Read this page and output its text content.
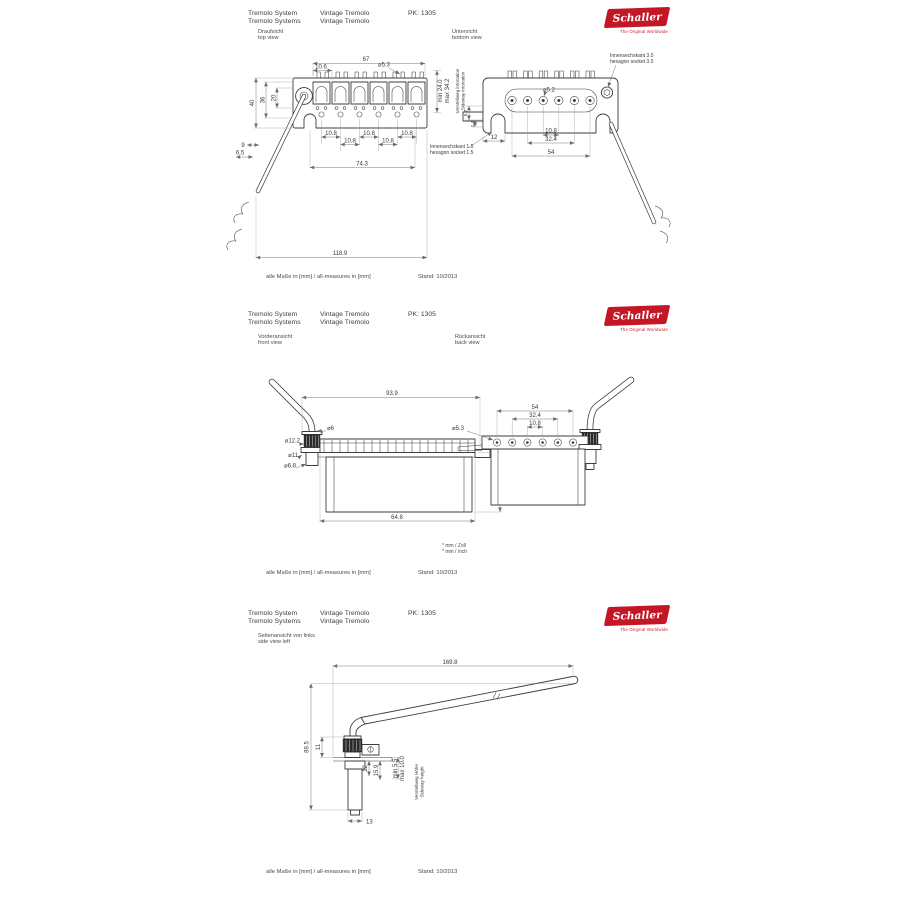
Tremolo System
Tremolo Systems
Vintage Tremolo
Vintage Tremolo
PK: 1305	Schaller
The Original Worldwide
Draufsicht
top view
Untersicht
bottom view
67
10.6	⌀5.3
40 36 20
10.8	10.8	10.8
10.8	10.8
9
6.5
74.3
118.9
min 24.0 max 34.2 Verstellweg intonation Sideway intonation	⌀5.2
12
10.8
32.4
54
5.7
2.4
Innensechskant 3.0
hexagon socket 3.0
Innensechskant 1.5
hexagon socket 1.5
alle Maße in [mm] / all-measures in [mm]	Stand: 10/2013
Tremolo System
Tremolo Systems
Vintage Tremolo
Vintage Tremolo
PK: 1305	Schaller
The Original Worldwide
Vorderansicht
front view
Rückansicht
back view
93.9
⌀6
⌀12.2
⌀11
⌀6.8
64.8
54
32.4
10.8
⌀5.3
* mm / Zoll
* mm / inch
alle Maße in [mm] / all-measures in [mm]	Stand: 10/2013
Tremolo System
Tremolo Systems
Vintage Tremolo
Vintage Tremolo
PK: 1305	Schaller
The Original Worldwide
Seitenansicht von links
side view left
169.8
89.5 11
12 15.9 min 5.5 max 10.0 Verstellweg Höhe Sideway height
13
alle Maße in [mm] / all-measures in [mm]	Stand: 10/2013
